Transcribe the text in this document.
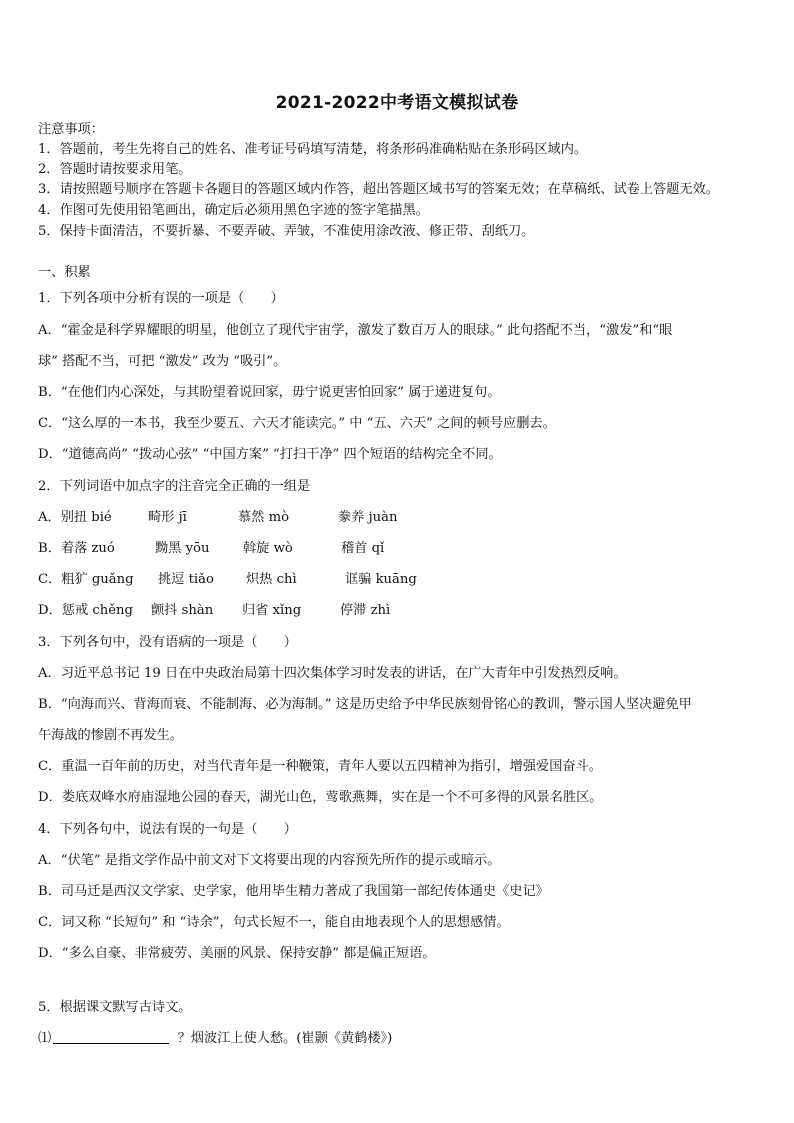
2021-2022中考语文模拟试卷
注意事项：
1．答题前，考生先将自己的姓名、准考证号码填写清楚，将条形码准确粘贴在条形码区域内。
2．答题时请按要求用笔。
3．请按照题号顺序在答题卡各题目的答题区域内作答，超出答题区域书写的答案无效；在草稿纸、试卷上答题无效。
4．作图可先使用铅笔画出，确定后必须用黑色字迹的签字笔描黑。
5．保持卡面清洁，不要折暴、不要弄破、弄皱，不准使用涂改液、修正带、刮纸刀。
一、积累
1．下列各项中分析有误的一项是（　　）
A．“霍金是科学界耀眼的明星，他创立了现代宇宙学，激发了数百万人的眼球。” 此句搭配不当，“激发”和“眼
球” 搭配不当，可把 “激发” 改为 “吸引”。
B．“在他们内心深处，与其盼望着说回家，毋宁说更害怕回家” 属于递进复句。
C．“这么厚的一本书，我至少要五、六天才能读完。” 中 “五、六天” 之间的顿号应删去。
D．“道德高尚” “拨动心弦” “中国方案” “打扫干净” 四个短语的结构完全不同。
2．下列词语中加点字的注音完全正确的一组是
A．别扭 bié	畸形 jī	慕然 mò	豢养 juàn
B．着落 zuó	黝黑 yōu	斡旋 wò	稽首 qǐ
C．粗犷 guǎng 挑逗 tiǎo 炽热 chì	诓骗 kuāng
D．惩戒 chěng 颤抖 shàn 归省 xǐng	停滞 zhì
3．下列各句中，没有语病的一项是（　　）
A．习近平总书记 19 日在中央政治局第十四次集体学习时发表的讲话，在广大青年中引发热烈反响。
B．“向海而兴、背海而衰、不能制海、必为海制。” 这是历史给予中华民族刻骨铭心的教训，警示国人坚决避免甲
午海战的惨剧不再发生。
C．重温一百年前的历史，对当代青年是一种鞭策，青年人要以五四精神为指引，增强爱国奋斗。
D．娄底双峰水府庙湿地公园的春天，湖光山色，莺歌燕舞，实在是一个不可多得的风景名胜区。
4．下列各句中，说法有误的一句是（　　）
A．“伏笔” 是指文学作品中前文对下文将要出现的内容预先所作的提示或暗示。
B．司马迁是西汉文学家、史学家，他用毕生精力著成了我国第一部纪传体通史《史记》
C．词又称 “长短句” 和 “诗余”，句式长短不一，能自由地表现个人的思想感情。
D．“多么自豪、非常疲劳、美丽的风景、保持安静” 都是偏正短语。
5．根据课文默写古诗文。
⑴	？烟波江上使人愁。(崔颢《黄鹤楼》)
